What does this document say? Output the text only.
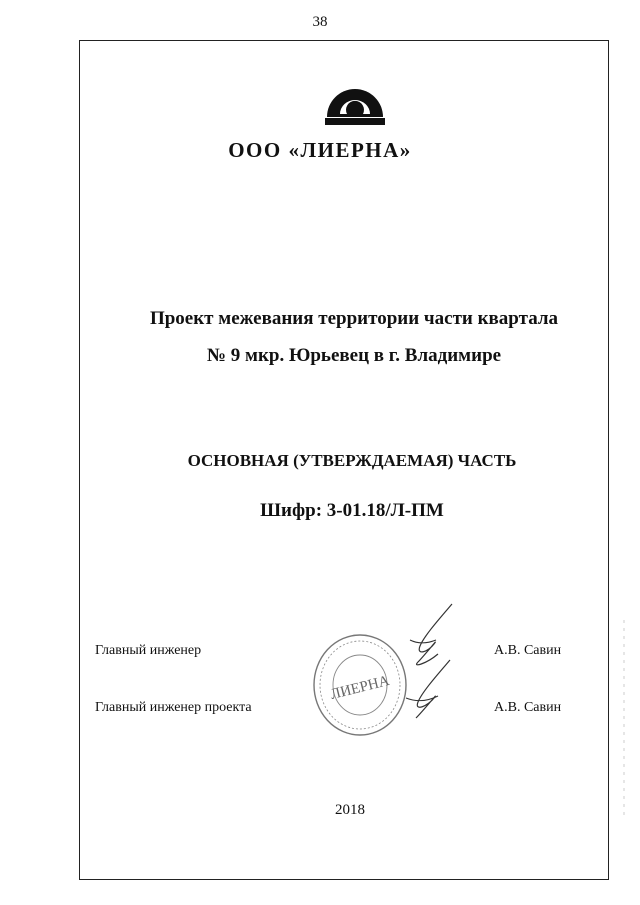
38
ООО «ЛИЕРНА»
Проект межевания территории части квартала
№ 9 мкр. Юрьевец в г. Владимире
ОСНОВНАЯ (УТВЕРЖДАЕМАЯ) ЧАСТЬ
Шифр: 3-01.18/Л-ПМ
Главный инженер	А.В. Савин
Главный инженер проекта	А.В. Савин
ЛИЕРНА
2018
